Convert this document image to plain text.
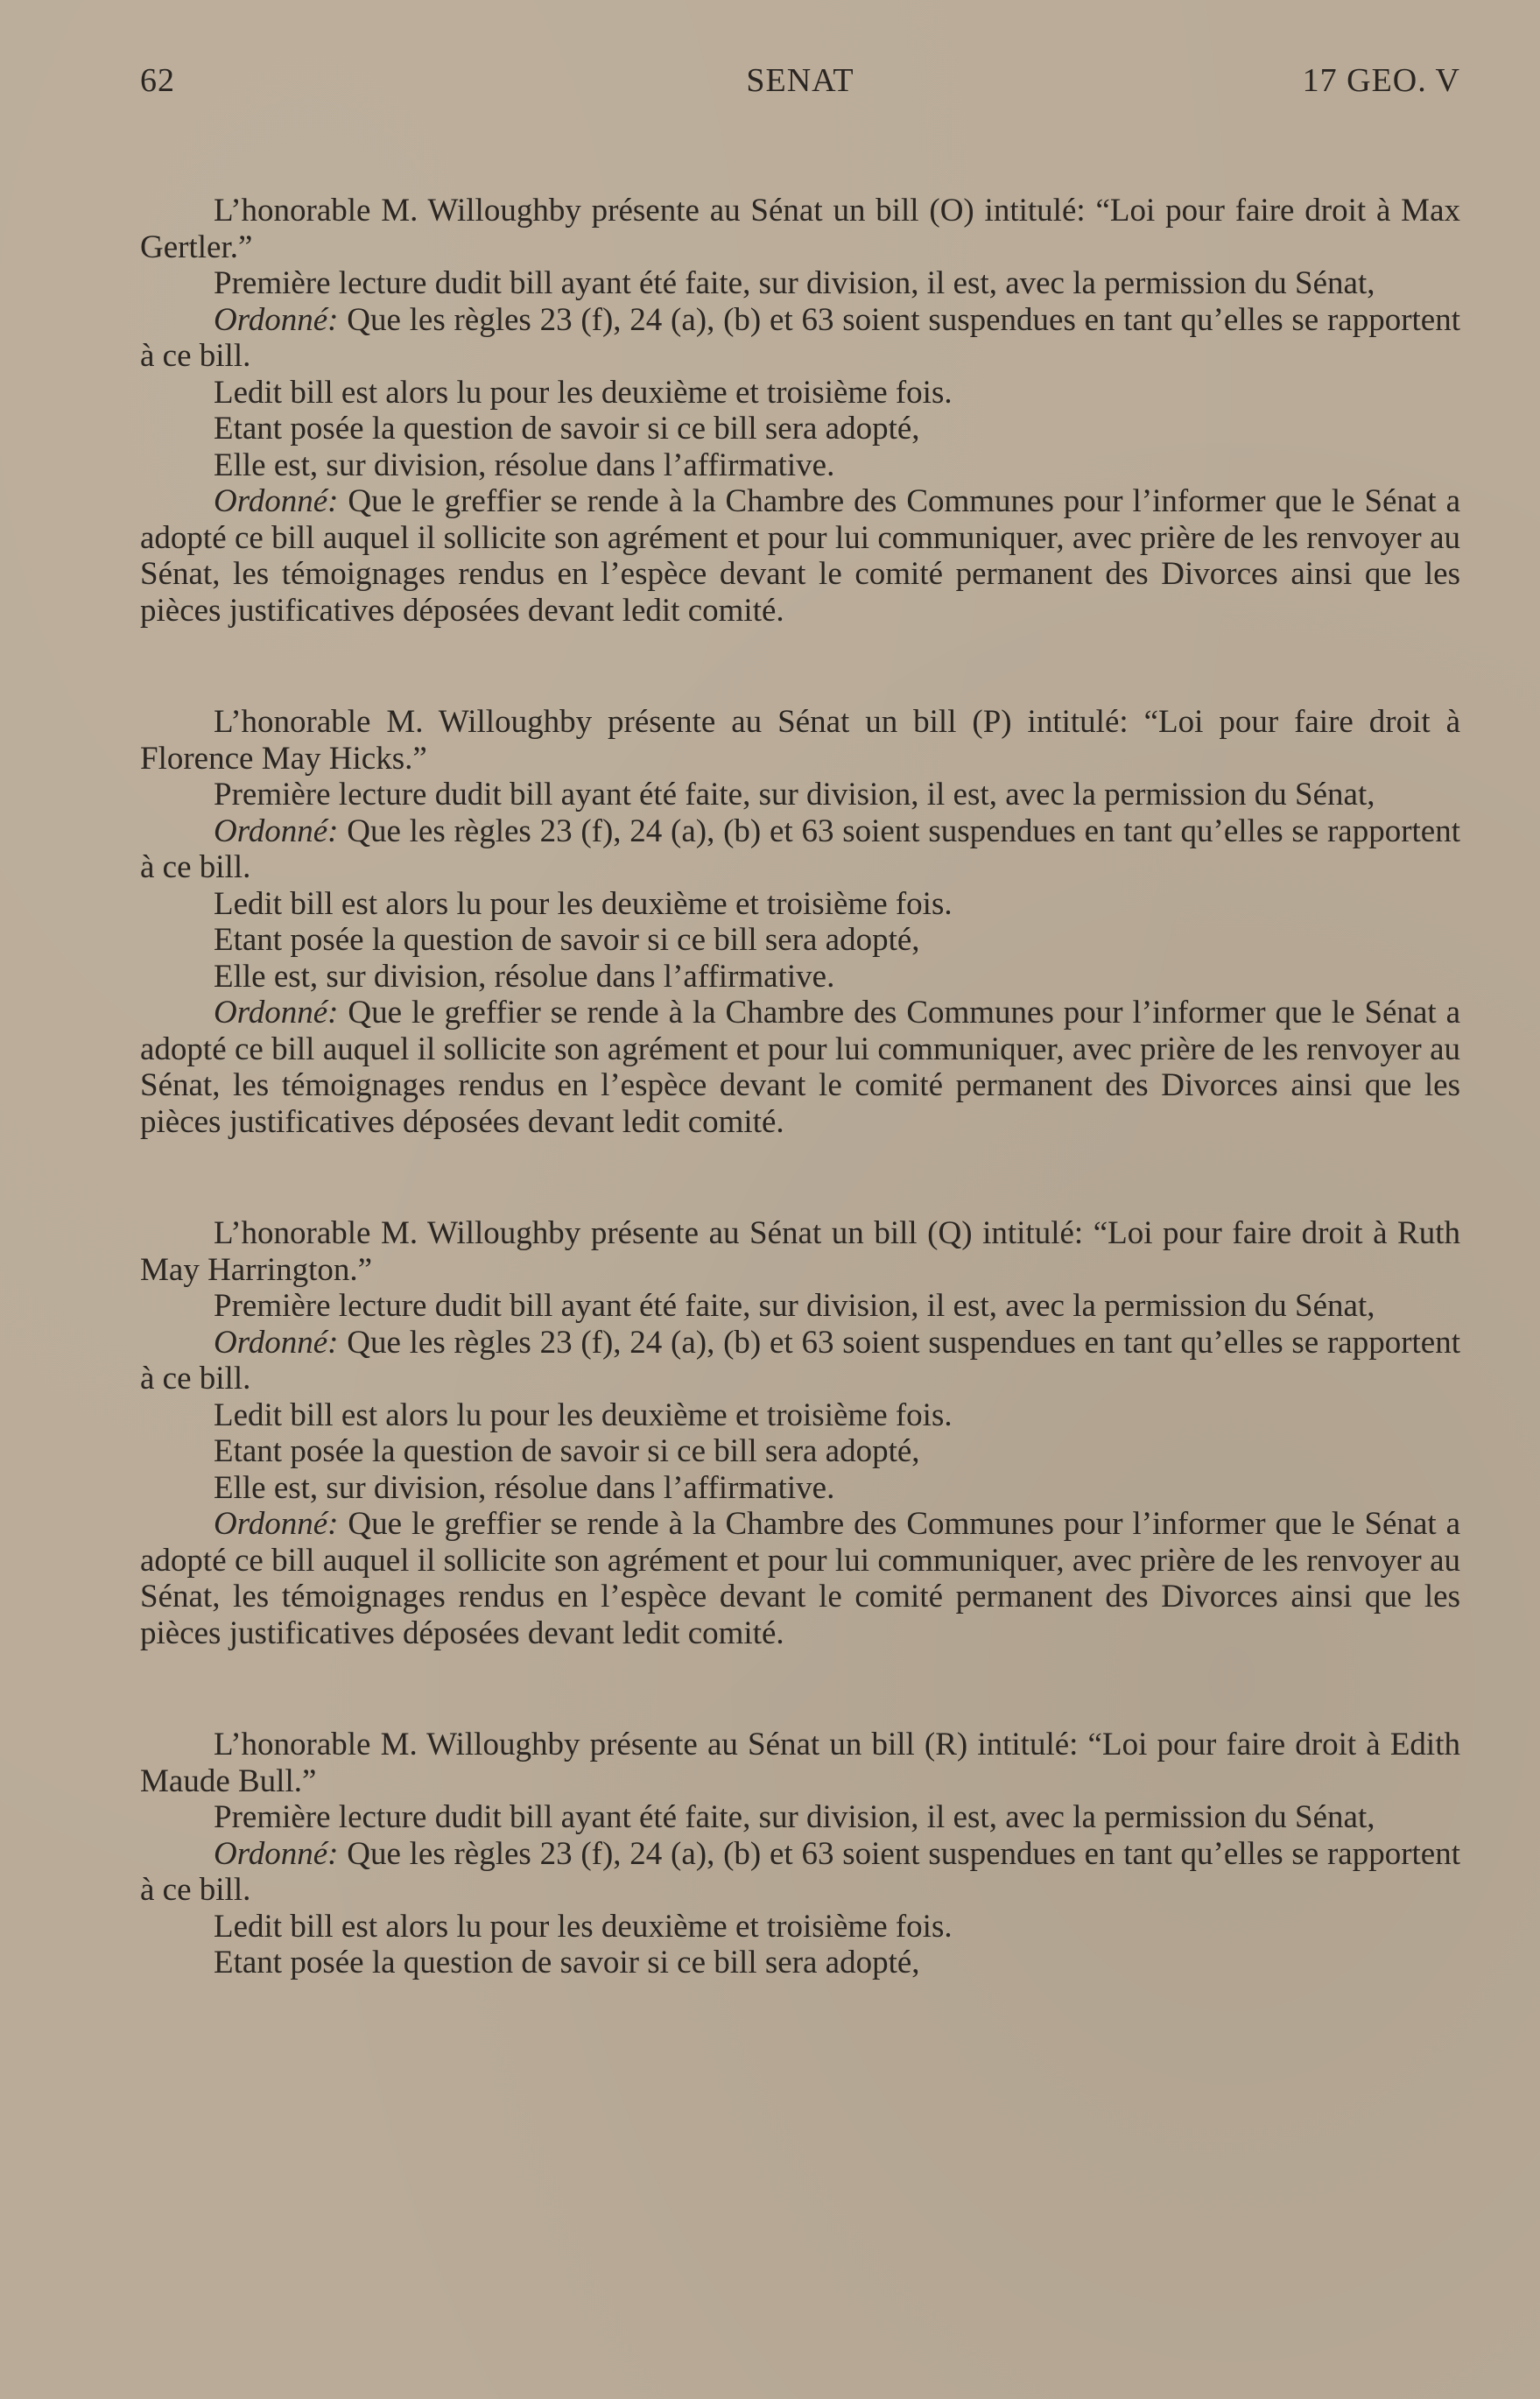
62	SENAT	17 GEO. V

L’honorable M. Willoughby présente au Sénat un bill (O) intitulé: “Loi pour faire droit à Max Gertler.”

Première lecture dudit bill ayant été faite, sur division, il est, avec la permission du Sénat,

Ordonné: Que les règles 23 (f), 24 (a), (b) et 63 soient suspendues en tant qu’elles se rapportent à ce bill.

Ledit bill est alors lu pour les deuxième et troisième fois.

Etant posée la question de savoir si ce bill sera adopté,

Elle est, sur division, résolue dans l’affirmative.

Ordonné: Que le greffier se rende à la Chambre des Communes pour l’informer que le Sénat a adopté ce bill auquel il sollicite son agrément et pour lui communiquer, avec prière de les renvoyer au Sénat, les témoignages rendus en l’espèce devant le comité permanent des Divorces ainsi que les pièces justificatives déposées devant ledit comité.

L’honorable M. Willoughby présente au Sénat un bill (P) intitulé: “Loi pour faire droit à Florence May Hicks.”

Première lecture dudit bill ayant été faite, sur division, il est, avec la permission du Sénat,

Ordonné: Que les règles 23 (f), 24 (a), (b) et 63 soient suspendues en tant qu’elles se rapportent à ce bill.

Ledit bill est alors lu pour les deuxième et troisième fois.

Etant posée la question de savoir si ce bill sera adopté,

Elle est, sur division, résolue dans l’affirmative.

Ordonné: Que le greffier se rende à la Chambre des Communes pour l’informer que le Sénat a adopté ce bill auquel il sollicite son agrément et pour lui communiquer, avec prière de les renvoyer au Sénat, les témoignages rendus en l’espèce devant le comité permanent des Divorces ainsi que les pièces justificatives déposées devant ledit comité.

L’honorable M. Willoughby présente au Sénat un bill (Q) intitulé: “Loi pour faire droit à Ruth May Harrington.”

Première lecture dudit bill ayant été faite, sur division, il est, avec la permission du Sénat,

Ordonné: Que les règles 23 (f), 24 (a), (b) et 63 soient suspendues en tant qu’elles se rapportent à ce bill.

Ledit bill est alors lu pour les deuxième et troisième fois.

Etant posée la question de savoir si ce bill sera adopté,

Elle est, sur division, résolue dans l’affirmative.

Ordonné: Que le greffier se rende à la Chambre des Communes pour l’informer que le Sénat a adopté ce bill auquel il sollicite son agrément et pour lui communiquer, avec prière de les renvoyer au Sénat, les témoignages rendus en l’espèce devant le comité permanent des Divorces ainsi que les pièces justificatives déposées devant ledit comité.

L’honorable M. Willoughby présente au Sénat un bill (R) intitulé: “Loi pour faire droit à Edith Maude Bull.”

Première lecture dudit bill ayant été faite, sur division, il est, avec la permission du Sénat,

Ordonné: Que les règles 23 (f), 24 (a), (b) et 63 soient suspendues en tant qu’elles se rapportent à ce bill.

Ledit bill est alors lu pour les deuxième et troisième fois.

Etant posée la question de savoir si ce bill sera adopté,
